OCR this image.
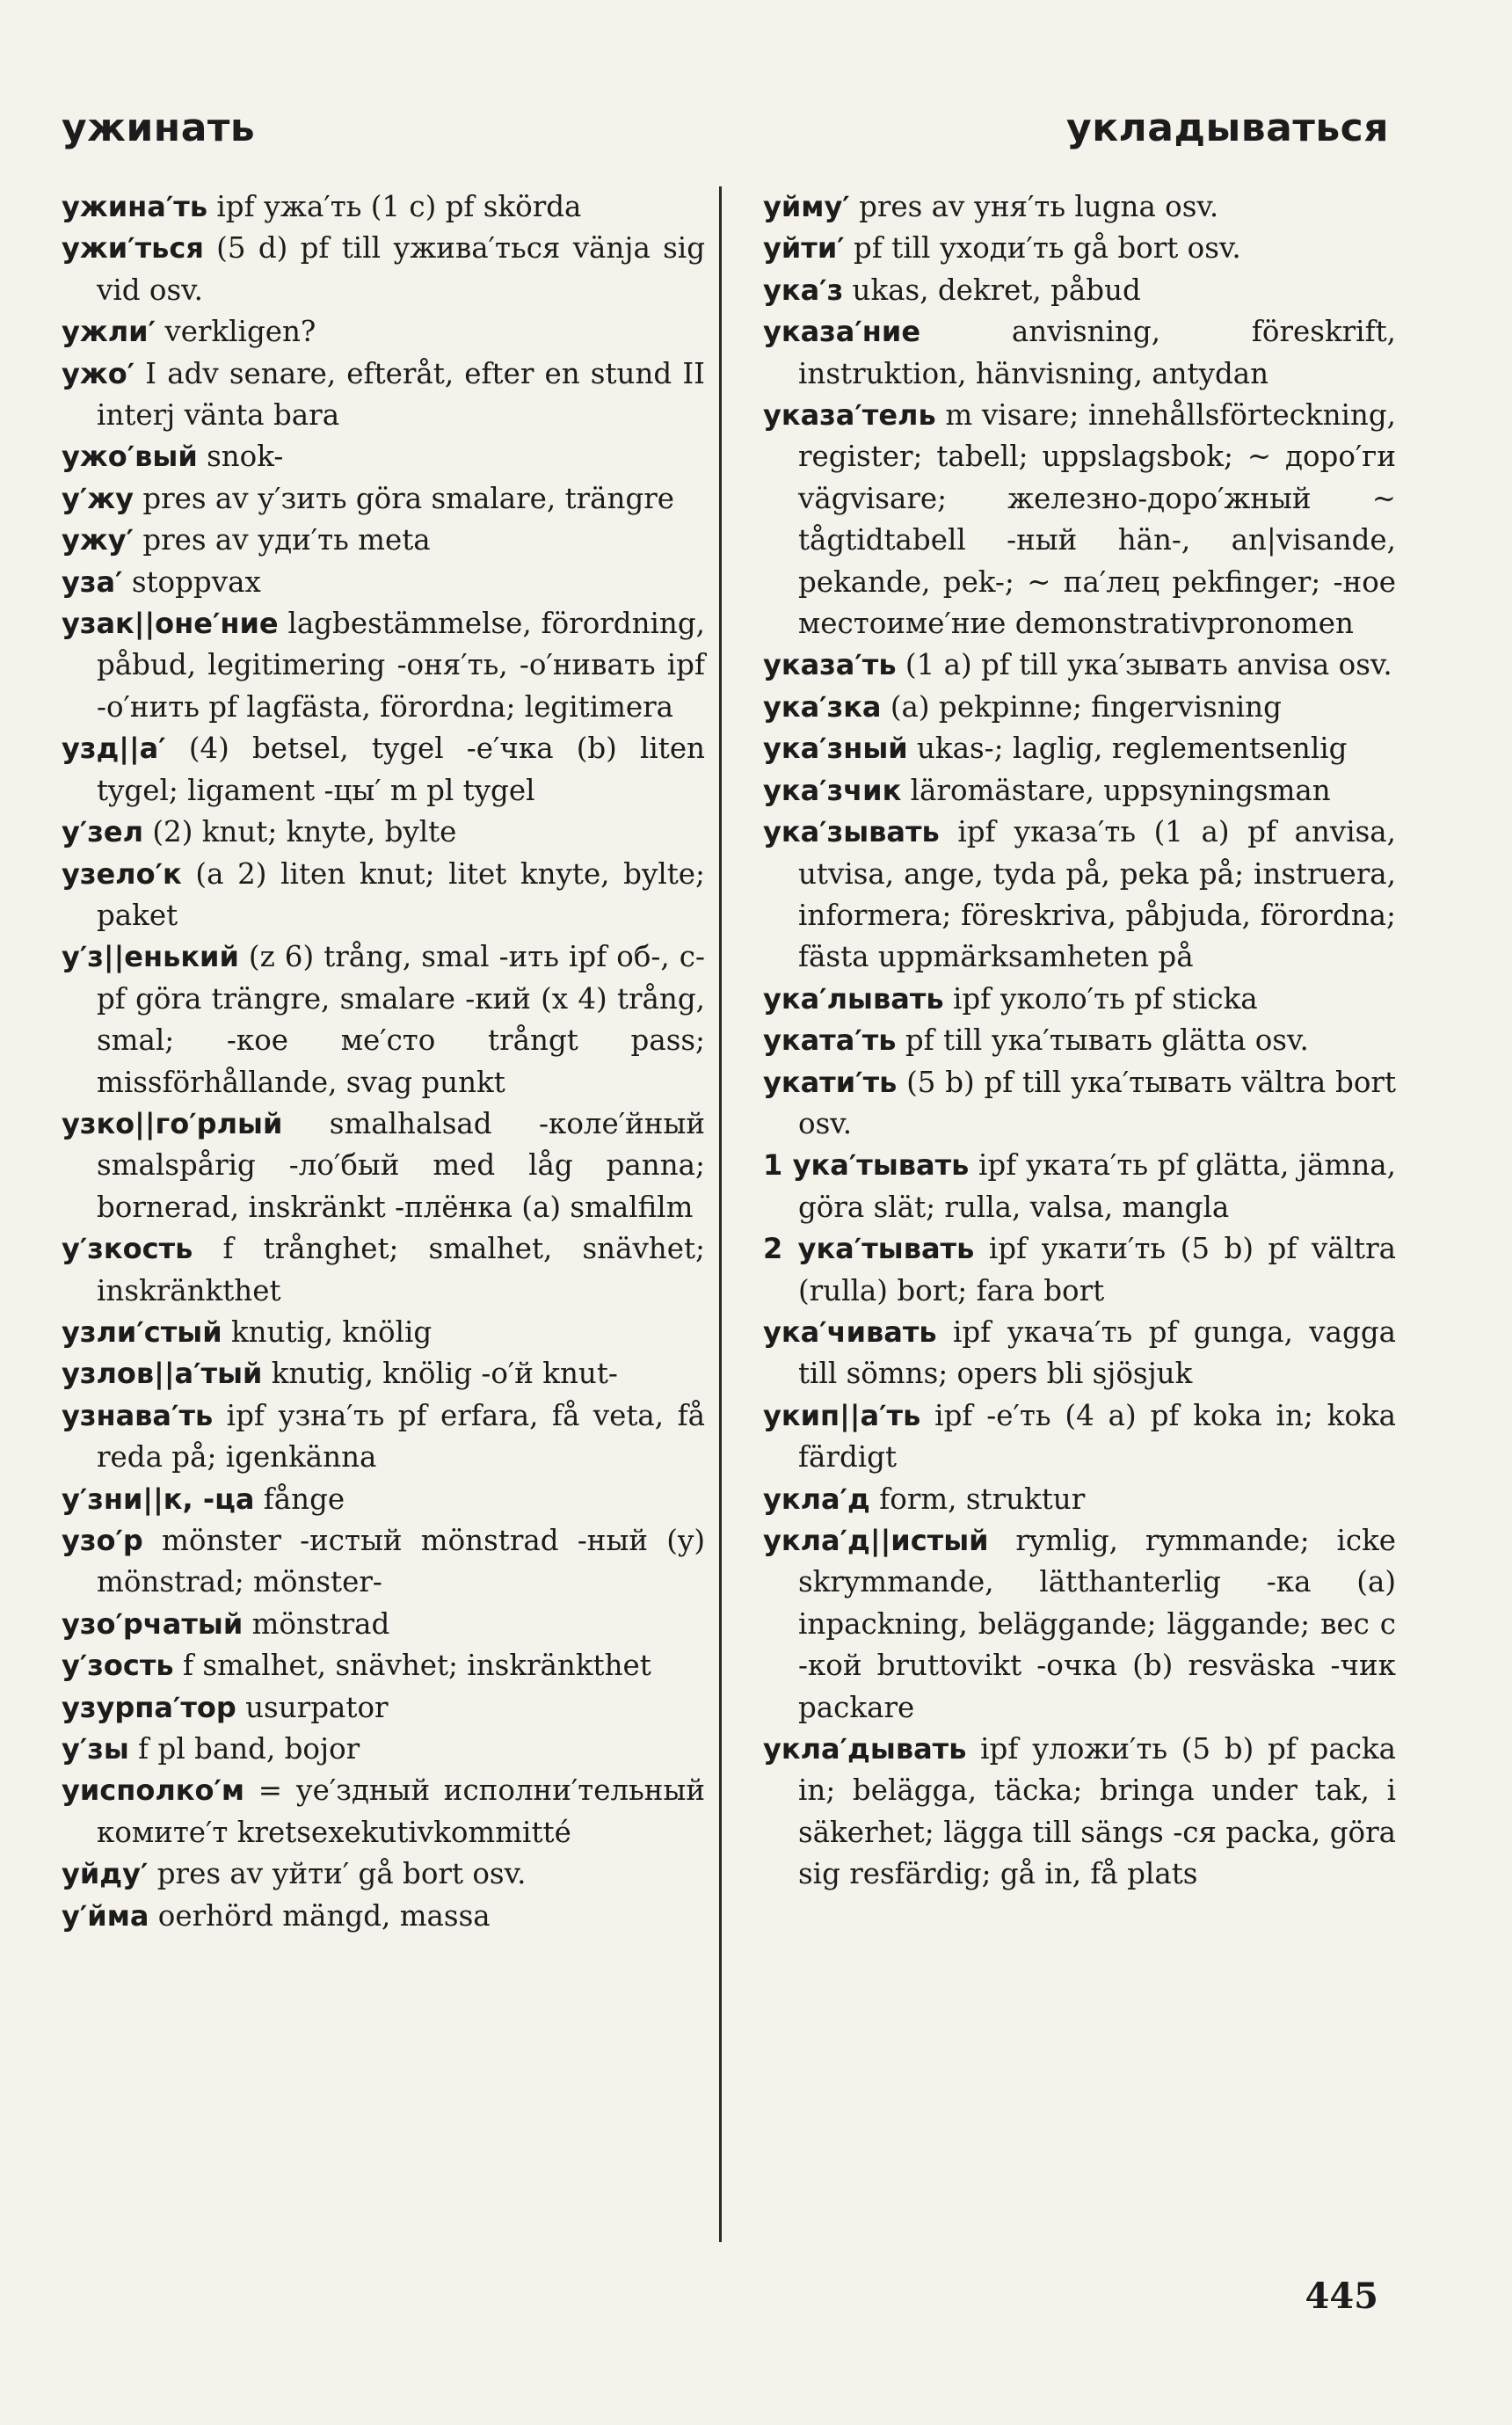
ужинать	укладываться

ужина′ть ipf ужа′ть (1 c) pf skörda

ужи′ться (5 d) pf till ужива′ться vänja sig vid osv.

ужли′ verkligen?

ужо′ I adv senare, efteråt, efter en stund II interj vänta bara

ужо′вый snok-

у′жу pres av у′зить göra smalare, trängre

ужу′ pres av уди′ть meta

уза′ stoppvax

узак||оне′ние lagbestämmelse, förordning, påbud, legitimering -оня′ть, -о′нивать ipf -о′нить pf lagfästa, förordna; legitimera

узд||а′ (4) betsel, tygel -е′чка (b) liten tygel; ligament -цы′ m pl tygel

у′зел (2) knut; knyte, bylte

узело′к (a 2) liten knut; litet knyte, bylte; paket

у′з||енький (z 6) trång, smal -ить ipf об-, с- pf göra trängre, smalare -кий (x 4) trång, smal; -кое ме′сто trångt pass; missförhållande, svag punkt

узко||го′рлый smalhalsad -колe′йный smalspårig -ло′бый med låg panna; bornerad, inskränkt -плёнка (a) smalfilm

у′зкость f trånghet; smalhet, snävhet; inskränkthet

узли′стый knutig, knölig

узлов||а′тый knutig, knölig -о′й knut-

узнава′ть ipf узна′ть pf erfara, få veta, få reda på; igenkänna

у′зни||к, -ца fånge

узо′р mönster -истый mönstrad -ный (y) mönstrad; mönster-

узо′рчатый mönstrad

у′зость f smalhet, snävhet; inskränkthet

узурпа′тор usurpator

у′зы f pl band, bojor

уисполко′м = уе′здный исполни′тельный комите′т kretsexekutivkommitté

уйду′ pres av уйти′ gå bort osv.

у′йма oerhörd mängd, massa

уйму′ pres av уня′ть lugna osv.

уйти′ pf till уходи′ть gå bort osv.

ука′з ukas, dekret, påbud

указа′ние anvisning, föreskrift, instruktion, hänvisning, antydan

указа′тель m visare; innehållsförteckning, register; tabell; uppslagsbok; ~ доро′ги vägvisare; железно-доро′жный ~ tågtidtabell -ный hän-, an|visande, pekande, pek-; ~ па′лец pekfinger; -ное местоиме′ние demonstrativpronomen

указа′ть (1 a) pf till ука′зывать anvisa osv.

ука′зка (a) pekpinne; fingervisning

ука′зный ukas-; laglig, reglementsenlig

ука′зчик läromästare, uppsyningsman

ука′зывать ipf указа′ть (1 a) pf anvisa, utvisa, ange, tyda på, peka på; instruera, informera; föreskriva, påbjuda, förordna; fästa uppmärksamheten på

ука′лывать ipf уколо′ть pf sticka

уката′ть pf till ука′тывать glätta osv.

укати′ть (5 b) pf till ука′тывать vältra bort osv.

1 ука′тывать ipf уката′ть pf glätta, jämna, göra slät; rulla, valsa, mangla

2 ука′тывать ipf укати′ть (5 b) pf vältra (rulla) bort; fara bort

ука′чивать ipf укача′ть pf gunga, vagga till sömns; opers bli sjösjuk

укип||а′ть ipf -е′ть (4 a) pf koka in; koka färdigt

укла′д form, struktur

укла′д||истый rymlig, rymmande; icke skrymmande, lätthanterlig -ка (a) inpackning, beläggande; läggande; вес с -кой bruttovikt -очка (b) resväska -чик packare

укла′дывать ipf уложи′ть (5 b) pf packa in; belägga, täcka; bringa under tak, i säkerhet; lägga till sängs -ся packa, göra sig resfärdig; gå in, få plats

445
